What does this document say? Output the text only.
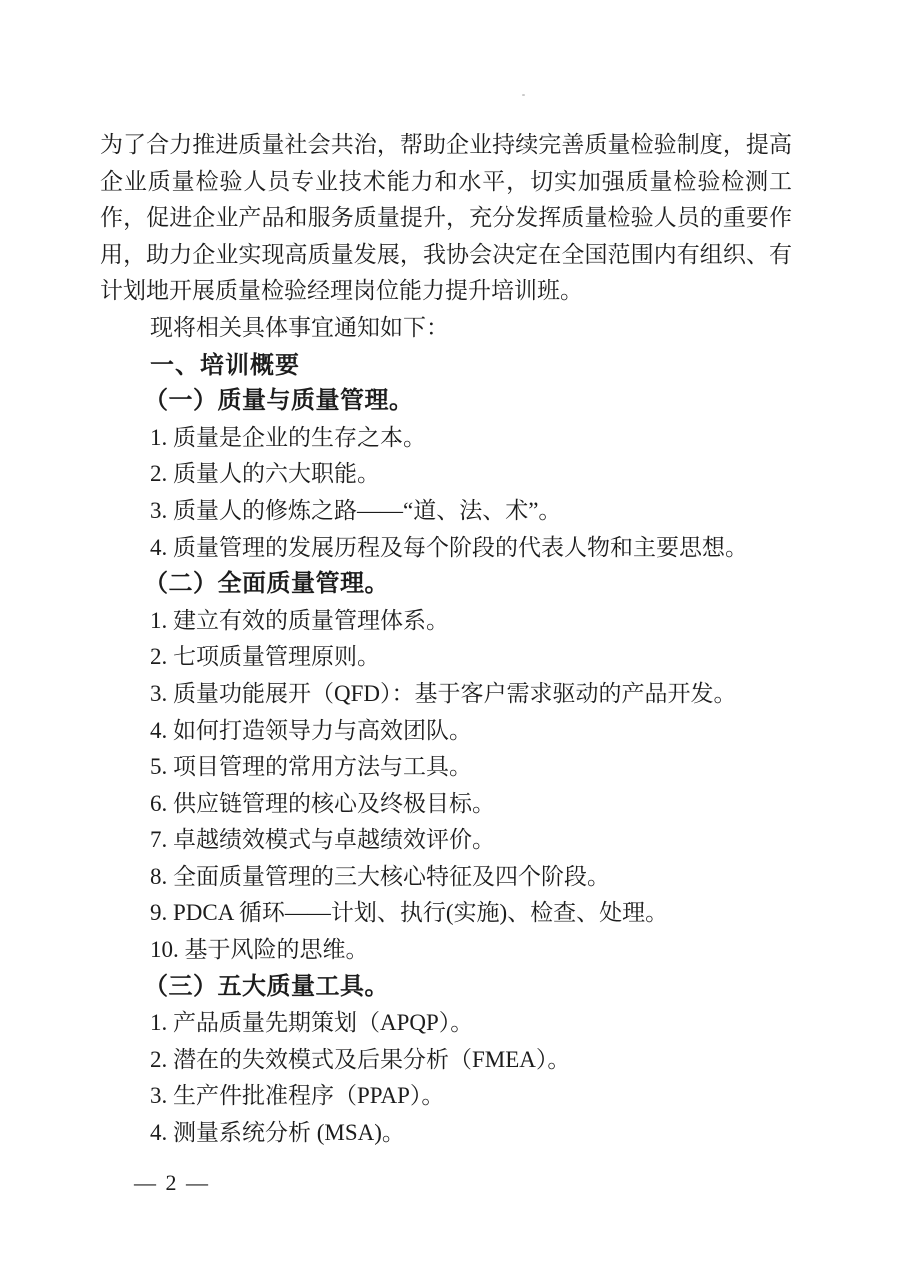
为了合力推进质量社会共治，帮助企业持续完善质量检验制度，提高
企业质量检验人员专业技术能力和水平，切实加强质量检验检测工
作，促进企业产品和服务质量提升，充分发挥质量检验人员的重要作
用，助力企业实现高质量发展，我协会决定在全国范围内有组织、有
计划地开展质量检验经理岗位能力提升培训班。
现将相关具体事宜通知如下：
一、培训概要
（一）质量与质量管理。
1. 质量是企业的生存之本。
2. 质量人的六大职能。
3. 质量人的修炼之路——“道、法、术”。
4. 质量管理的发展历程及每个阶段的代表人物和主要思想。
（二）全面质量管理。
1. 建立有效的质量管理体系。
2. 七项质量管理原则。
3. 质量功能展开（QFD）：基于客户需求驱动的产品开发。
4. 如何打造领导力与高效团队。
5. 项目管理的常用方法与工具。
6. 供应链管理的核心及终极目标。
7. 卓越绩效模式与卓越绩效评价。
8. 全面质量管理的三大核心特征及四个阶段。
9. PDCA 循环——计划、执行(实施)、检查、处理。
10. 基于风险的思维。
（三）五大质量工具。
1. 产品质量先期策划（APQP）。
2. 潜在的失效模式及后果分析（FMEA）。
3. 生产件批准程序（PPAP）。
4. 测量系统分析 (MSA)。
— 2 —
